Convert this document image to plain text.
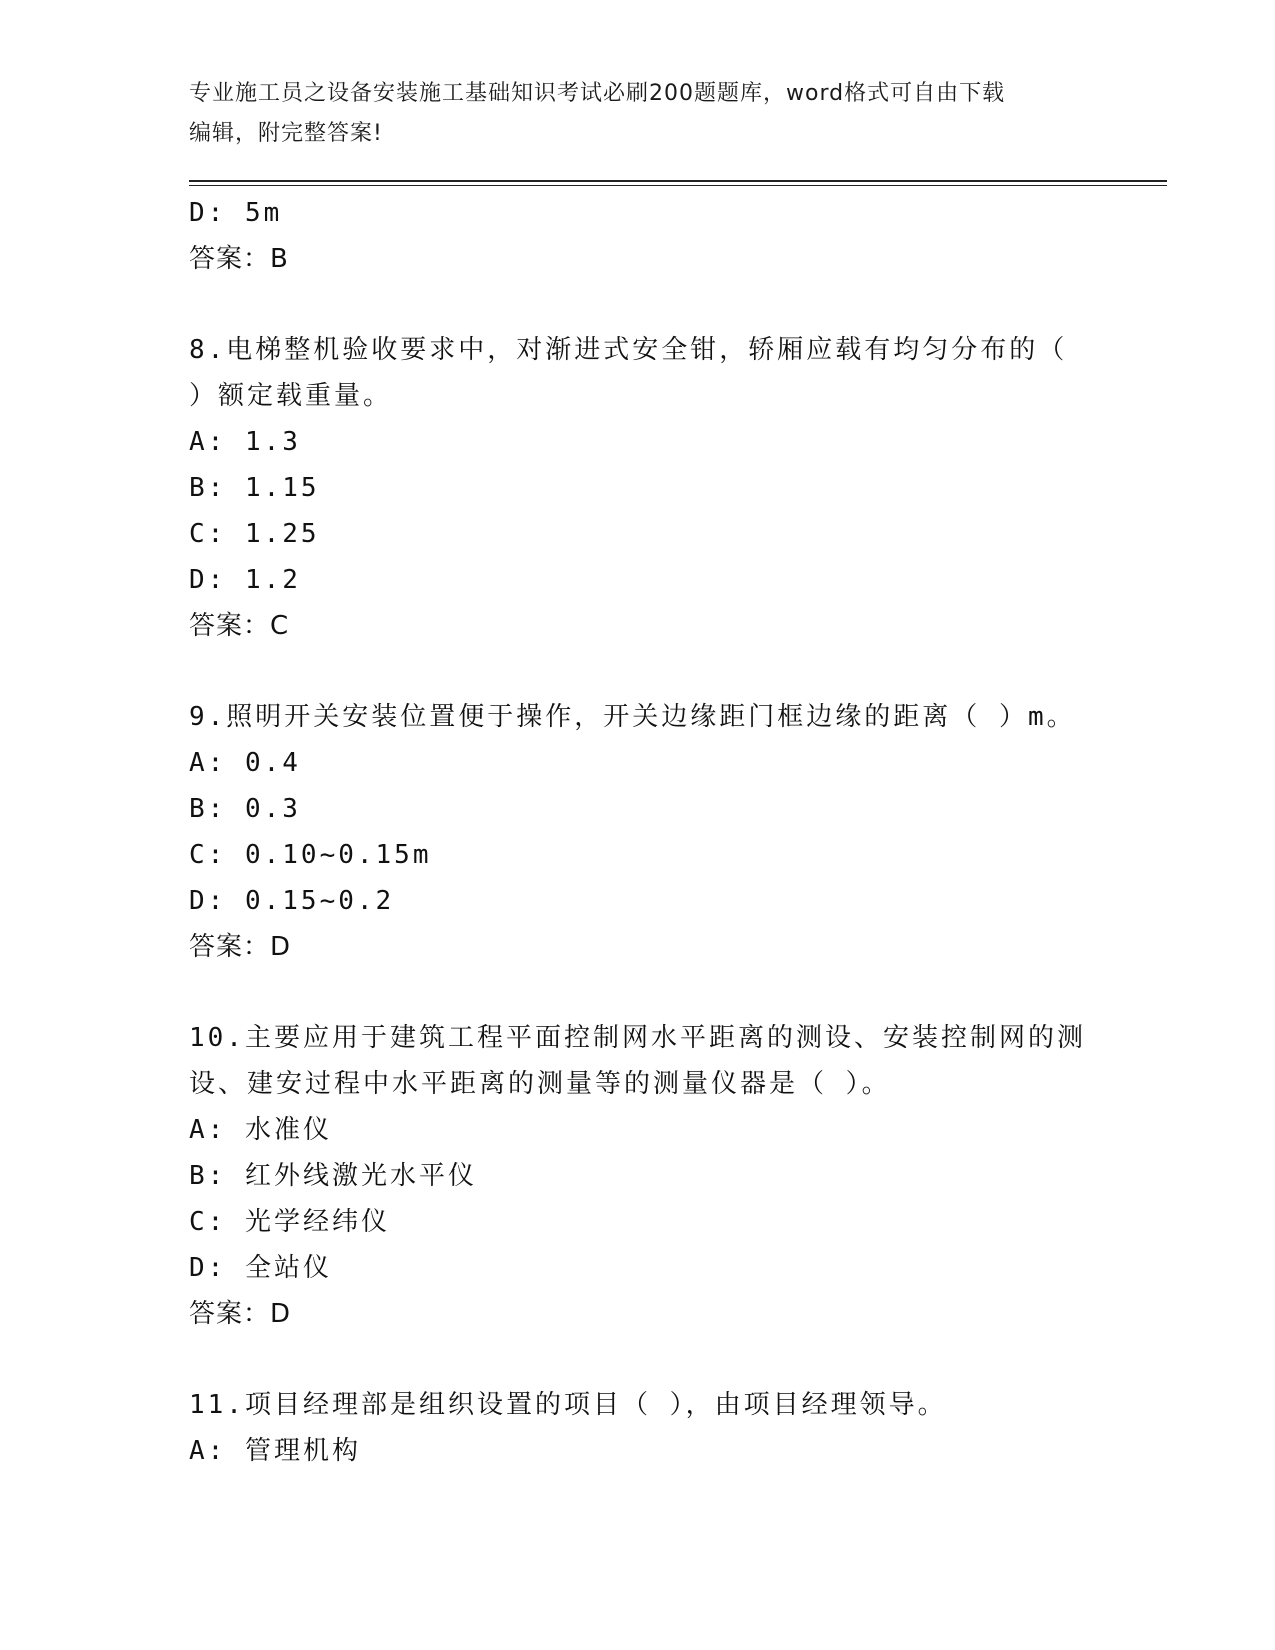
专业施工员之设备安装施工基础知识考试必刷200题题库，word格式可自由下载
编辑，附完整答案!
D: 5m
答案：B
8.电梯整机验收要求中，对渐进式安全钳，轿厢应载有均匀分布的（
）额定载重量。
A: 1.3
B: 1.15
C: 1.25
D: 1.2
答案：C
9.照明开关安装位置便于操作，开关边缘距门框边缘的距离（ ）m。
A: 0.4
B: 0.3
C: 0.10~0.15m
D: 0.15~0.2
答案：D
10.主要应用于建筑工程平面控制网水平距离的测设、安装控制网的测
设、建安过程中水平距离的测量等的测量仪器是（ ）。
A: 水准仪
B: 红外线激光水平仪
C: 光学经纬仪
D: 全站仪
答案：D
11.项目经理部是组织设置的项目（ ），由项目经理领导。
A: 管理机构
